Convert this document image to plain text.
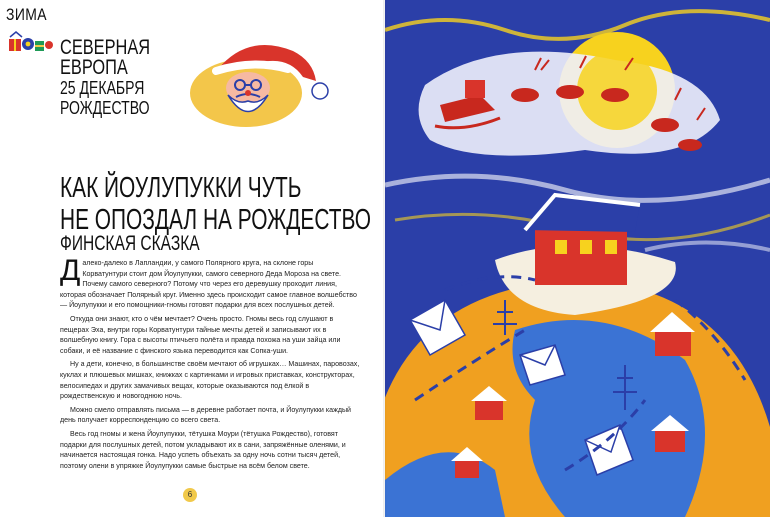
ЗИМА
СЕВЕРНАЯ
ЕВРОПА
25 ДЕКАБРЯ
РОЖДЕСТВО
КАК ЙОУЛУПУККИ ЧУТЬ
НЕ ОПОЗДАЛ НА РОЖДЕСТВО
ФИНСКАЯ СКАЗКА

Далеко-далеко в Лапландии, у самого Полярного круга, на склоне горы Корватунтури стоит дом Йоулупукки, самого северного Деда Мороза на свете. Почему самого северного? Потому что через его деревушку проходит линия, которая обозначает Полярный круг. Именно здесь происходит самое главное волшебство — Йоулупукки и его помощники-гномы готовят подарки для всех послушных детей.

Откуда они знают, кто о чём мечтает? Очень просто. Гномы весь год слушают в пещерах Эха, внутри горы Корватунтури тайные мечты детей и записывают их в волшебную книгу. Гора с высоты птичьего полёта и правда похожа на уши зайца или собаки, и её название с финского языка переводится как Сопка-уши.

Ну а дети, конечно, в большинстве своём мечтают об игрушках… Машинах, паровозах, куклах и плюшевых мишках, книжках с картинками и игровых приставках, конструкторах, велосипедах и других замачивых вещах, которые оказываются под ёлкой в рождественскую и новогоднюю ночь.

Можно смело отправлять письма — в деревне работает почта, и Йоулупукки каждый день получает корреспонденцию со всего света.

Весь год гномы и жена Йоулупукки, тётушка Моури (тётушка Рождество), готовят подарки для послушных детей, потом укладывают их в сани, запряжённые оленями, и начинается настоящая гонка. Надо успеть объехать за одну ночь сотни тысяч детей, поэтому олени в упряжке Йоулупукки самые быстрые на всём белом свете.

6
